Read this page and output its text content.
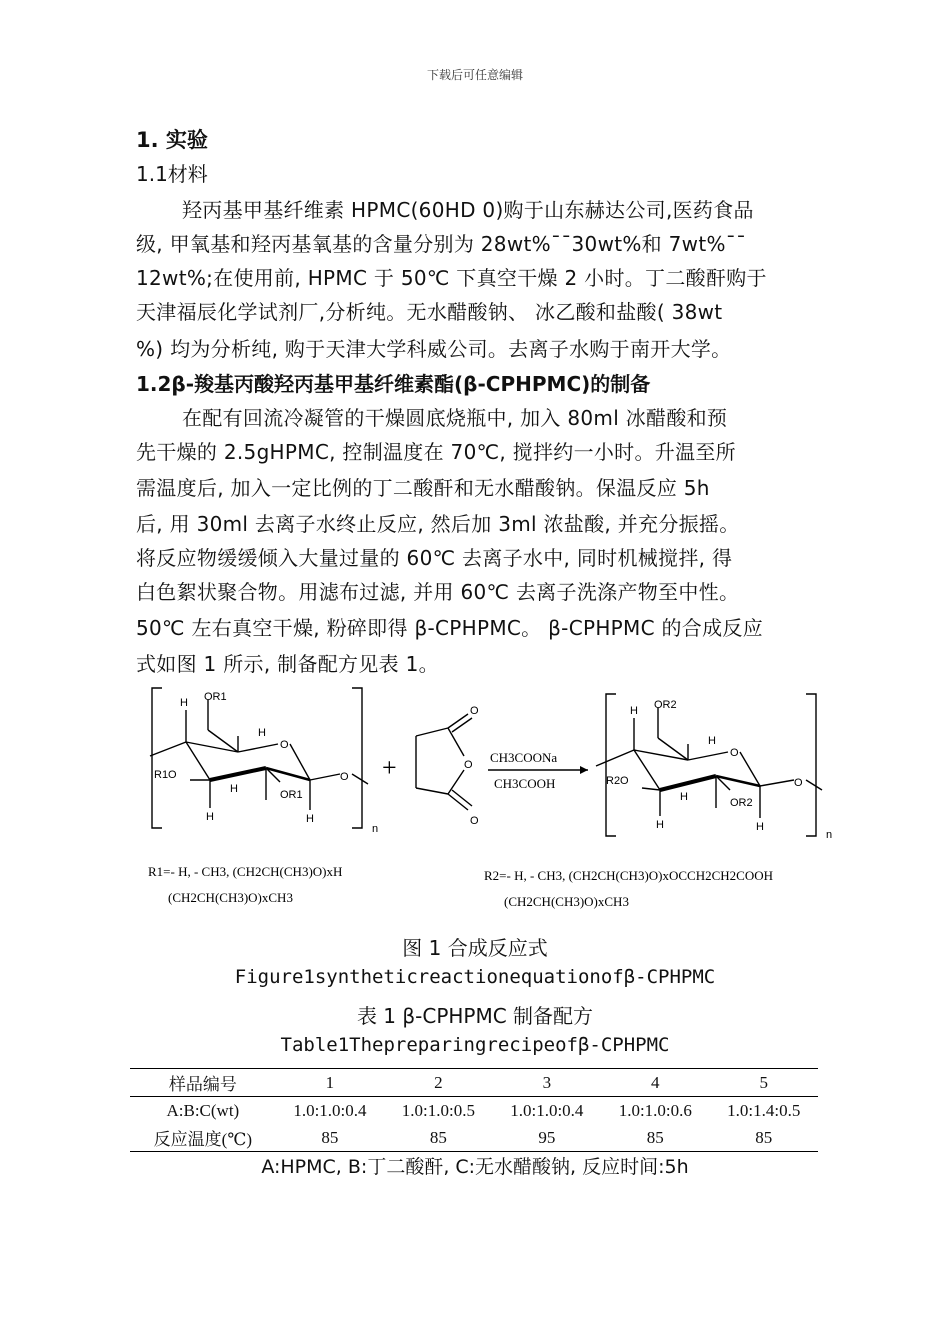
下载后可任意编辑
1. 实验
1.1材料
羟丙基甲基纤维素 HPMC(60HD 0)购于山东赫达公司,医药食品
级, 甲氧基和羟丙基氧基的含量分别为 28wt%¯¯30wt%和 7wt%¯¯
12wt%;在使用前, HPMC 于 50℃ 下真空干燥 2 小时。丁二酸酐购于
天津福辰化学试剂厂,分析纯。无水醋酸钠、 冰乙酸和盐酸( 38wt
%) 均为分析纯, 购于天津大学科威公司。去离子水购于南开大学。
1.2β-羧基丙酸羟丙基甲基纤维素酯(β-CPHPMC)的制备
在配有回流冷凝管的干燥圆底烧瓶中, 加入 80ml 冰醋酸和预
先干燥的 2.5gHPMC, 控制温度在 70℃, 搅拌约一小时。升温至所
需温度后, 加入一定比例的丁二酸酐和无水醋酸钠。保温反应 5h
后, 用 30ml 去离子水终止反应, 然后加 3ml 浓盐酸, 并充分振摇。
将反应物缓缓倾入大量过量的 60℃ 去离子水中, 同时机械搅拌, 得
白色絮状聚合物。用滤布过滤, 并用 60℃ 去离子洗涤产物至中性。
50℃ 左右真空干燥, 粉碎即得 β-CPHPMC。 β-CPHPMC 的合成反应
式如图 1 所示, 制备配方见表 1。
OR1
H
H
O
R1O
H	OR1
H	H
O
n
+
O
O
O
CH3COONa
CH3COOH
OR2
H
H
O
R2O
H	OR2
H	H
O
n
R1=- H, - CH3, (CH2CH(CH3)O)xH
(CH2CH(CH3)O)xCH3
R2=- H, - CH3, (CH2CH(CH3)O)xOCCH2CH2COOH
(CH2CH(CH3)O)xCH3
图 1 合成反应式
Figure1syntheticreactionequationofβ-CPHPMC
表 1 β-CPHPMC 制备配方
Table1Thepreparingrecipeofβ-CPHPMC
样品编号	1	2	3	4	5
A:B:C(wt)	1.0:1.0:0.4	1.0:1.0:0.5	1.0:1.0:0.4	1.0:1.0:0.6	1.0:1.4:0.5
反应温度(℃)	85	85	95	85	85
A:HPMC, B:丁二酸酐, C:无水醋酸钠, 反应时间:5h
